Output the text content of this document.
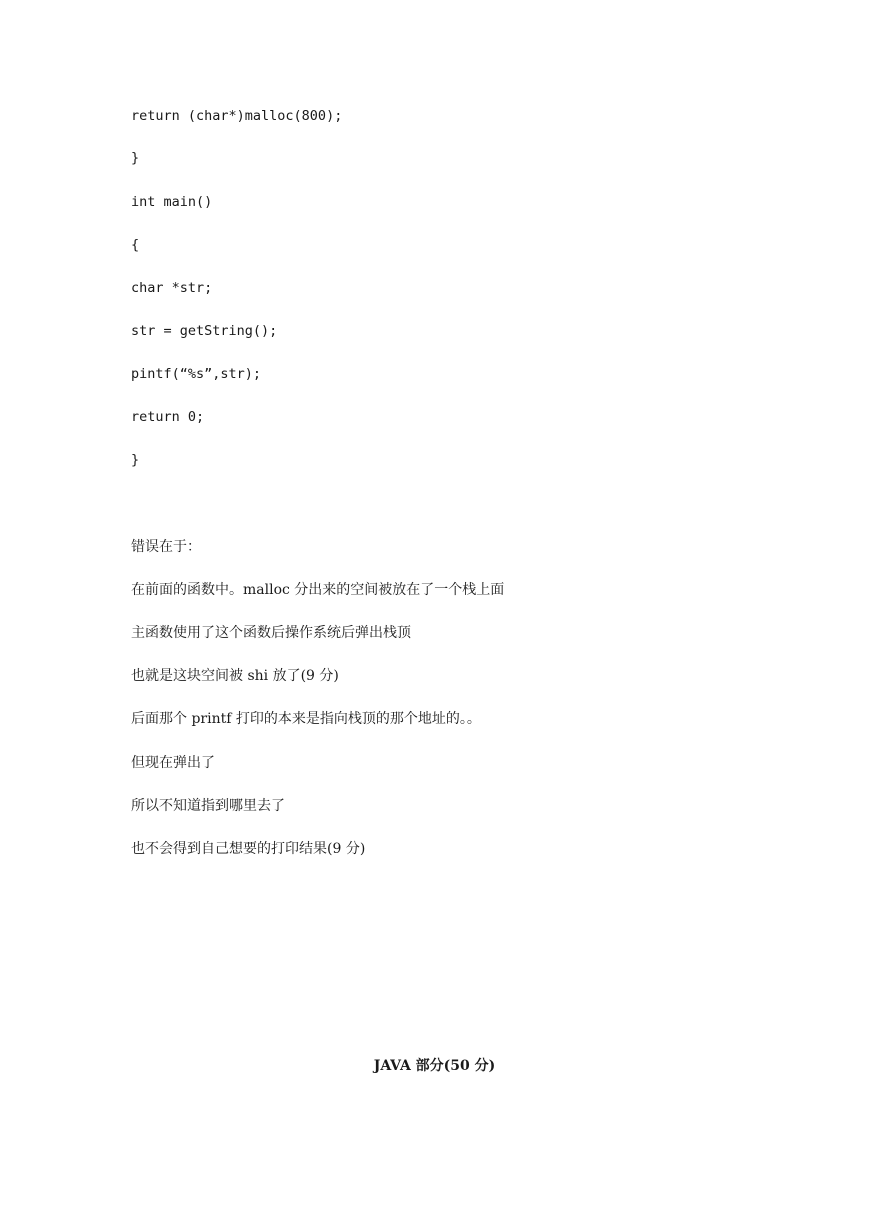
return (char*)malloc(800);
}
int main()
{
char *str;
str = getString();
pintf(“%s”,str);
return 0;
}
错误在于：
在前面的函数中。malloc 分出来的空间被放在了一个栈上面
主函数使用了这个函数后操作系统后弹出栈顶
也就是这块空间被 shi 放了(9 分)
后面那个 printf 打印的本来是指向栈顶的那个地址的。。
但现在弹出了
所以不知道指到哪里去了
也不会得到自己想要的打印结果(9 分)
JAVA 部分(50 分)
